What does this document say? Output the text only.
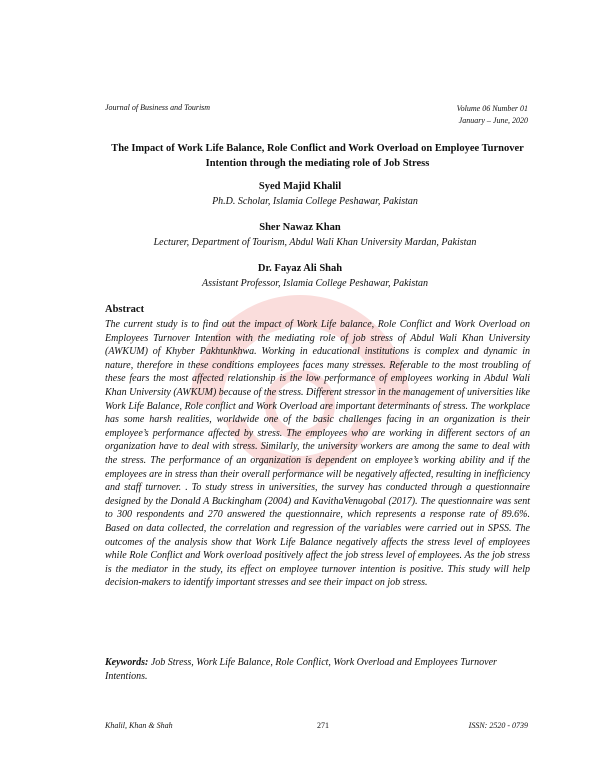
Journal of Business and Tourism	Volume 06 Number 01
January – June, 2020
The Impact of Work Life Balance, Role Conflict and Work Overload on Employee Turnover Intention through the mediating role of Job Stress
Syed Majid Khalil
Ph.D. Scholar, Islamia College Peshawar, Pakistan
Sher Nawaz Khan
Lecturer, Department of Tourism, Abdul Wali Khan University Mardan, Pakistan
Dr. Fayaz Ali Shah
Assistant Professor, Islamia College Peshawar, Pakistan
Abstract

The current study is to find out the impact of Work Life balance, Role Conflict and Work Overload on Employees Turnover Intention with the mediating role of job stress of Abdul Wali Khan University (AWKUM) of Khyber Pakhtunkhwa. Working in educational institutions is complex and dynamic in nature, therefore in these conditions employees faces many stresses. Referable to the most troubling of these fears the most affected relationship is the low performance of employees working in Abdul Wali Khan University (AWKUM) because of the stress. Different stressor in the management of universities like Work Life Balance, Role conflict and Work Overload are important determinants of stress. The workplace has some harsh realities, worldwide one of the basic challenges facing in an organization is their employee’s performance affected by stress. The employees who are working in different sectors of an organization have to deal with stress. Similarly, the university workers are among the same to deal with the stress. The performance of an organization is dependent on employee’s working ability and if the employees are in stress than their overall performance will be negatively affected, resulting in inefficiency and staff turnover. . To study stress in universities, the survey has conducted through a questionnaire designed by the Donald A Buckingham (2004) and KavithaVenugobal (2017). The questionnaire was sent to 300 respondents and 270 answered the questionnaire, which represents a response rate of 89.6%. Based on data collected, the correlation and regression of the variables were carried out in SPSS. The outcomes of the analysis show that Work Life Balance negatively affects the stress level of employees while Role Conflict and Work overload positively affect the job stress level of employees. As the job stress is the mediator in the study, its effect on employee turnover intention is positive. This study will help decision-makers to identify important stresses and see their impact on job stress.

Keywords: Job Stress, Work Life Balance, Role Conflict, Work Overload and Employees Turnover Intentions.

Khalil, Khan & Shah	271	ISSN: 2520 - 0739
